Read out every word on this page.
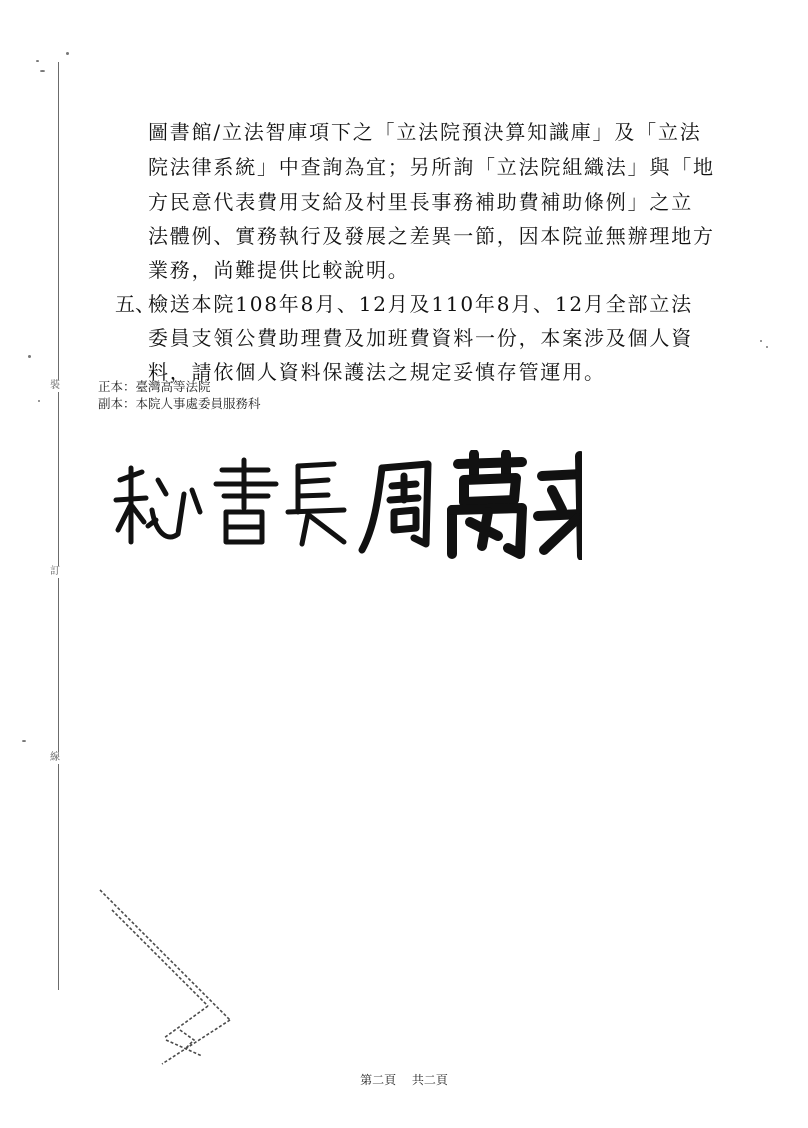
裝
訂
線
圖書館/立法智庫項下之「立法院預決算知識庫」及「立法
院法律系統」中查詢為宜；另所詢「立法院組織法」與「地
方民意代表費用支給及村里長事務補助費補助條例」之立
法體例、實務執行及發展之差異一節，因本院並無辦理地方
業務，尚難提供比較說明。
五、
檢送本院108年8月、12月及110年8月、12月全部立法
委員支領公費助理費及加班費資料一份，本案涉及個人資
料，請依個人資料保護法之規定妥慎存管運用。
正本：臺灣高等法院
副本：本院人事處委員服務科
第二頁 共二頁
